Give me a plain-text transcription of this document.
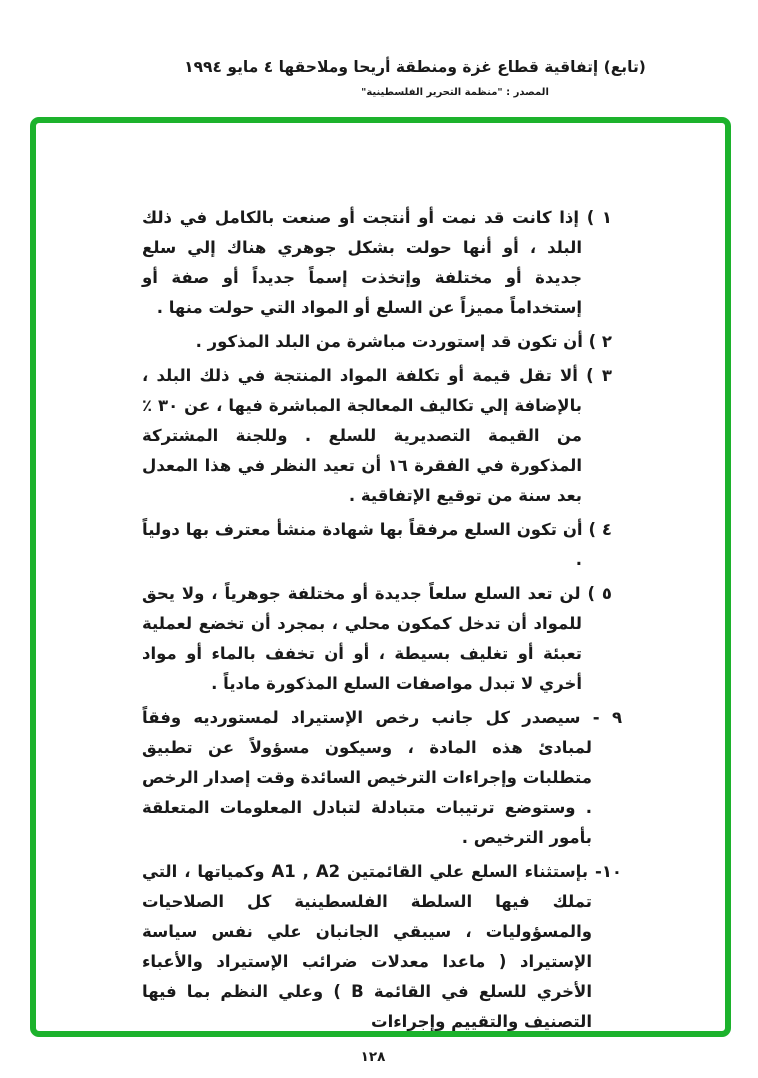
(تابع) إتفاقية قطاع غزة ومنطقة أريحا وملاحقها ٤ مايو ١٩٩٤
المصدر : "منظمة التحرير الفلسطينية"

١ ) إذا كانت قد نمت أو أنتجت أو صنعت بالكامل في ذلك البلد ، أو أنها حولت بشكل جوهري هناك إلي سلع جديدة أو مختلفة وإتخذت إسماً جديداً أو صفة أو إستخداماً مميزاً عن السلع أو المواد التي حولت منها .

٢ ) أن تكون قد إستوردت مباشرة من البلد المذكور .

٣ ) ألا تقل قيمة أو تكلفة المواد المنتجة في ذلك البلد ، بالإضافة إلي تكاليف المعالجة المباشرة فيها ، عن ٣٠ ٪ من القيمة التصديرية للسلع . وللجنة المشتركة المذكورة في الفقرة ١٦ أن تعيد النظر في هذا المعدل بعد سنة من توقيع الإتفاقية .

٤ ) أن تكون السلع مرفقاً بها شهادة منشأ معترف بها دولياً .

٥ ) لن تعد السلع سلعاً جديدة أو مختلفة جوهرياً ، ولا يحق للمواد أن تدخل كمكون محلي ، بمجرد أن تخضع لعملية تعبئة أو تغليف بسيطة ، أو أن تخفف بالماء أو مواد أخري لا تبدل مواصفات السلع المذكورة مادياً .

٩ - سيصدر كل جانب رخص الإستيراد لمستورديه وفقاً لمبادئ هذه المادة ، وسيكون مسؤولاً عن تطبيق متطلبات وإجراءات الترخيص السائدة وقت إصدار الرخص . وستوضع ترتيبات متبادلة لتبادل المعلومات المتعلقة بأمور الترخيص .

١٠- بإستثناء السلع علي القائمتين A1 , A2 وكمياتها ، التي تملك فيها السلطة الفلسطينية كل الصلاحيات والمسؤوليات ، سيبقي الجانبان علي نفس سياسة الإستيراد ( ماعدا معدلات ضرائب الإستيراد والأعباء الأخري للسلع في القائمة B ) وعلي النظم بما فيها التصنيف والتقييم وإجراءات

١٢٨
